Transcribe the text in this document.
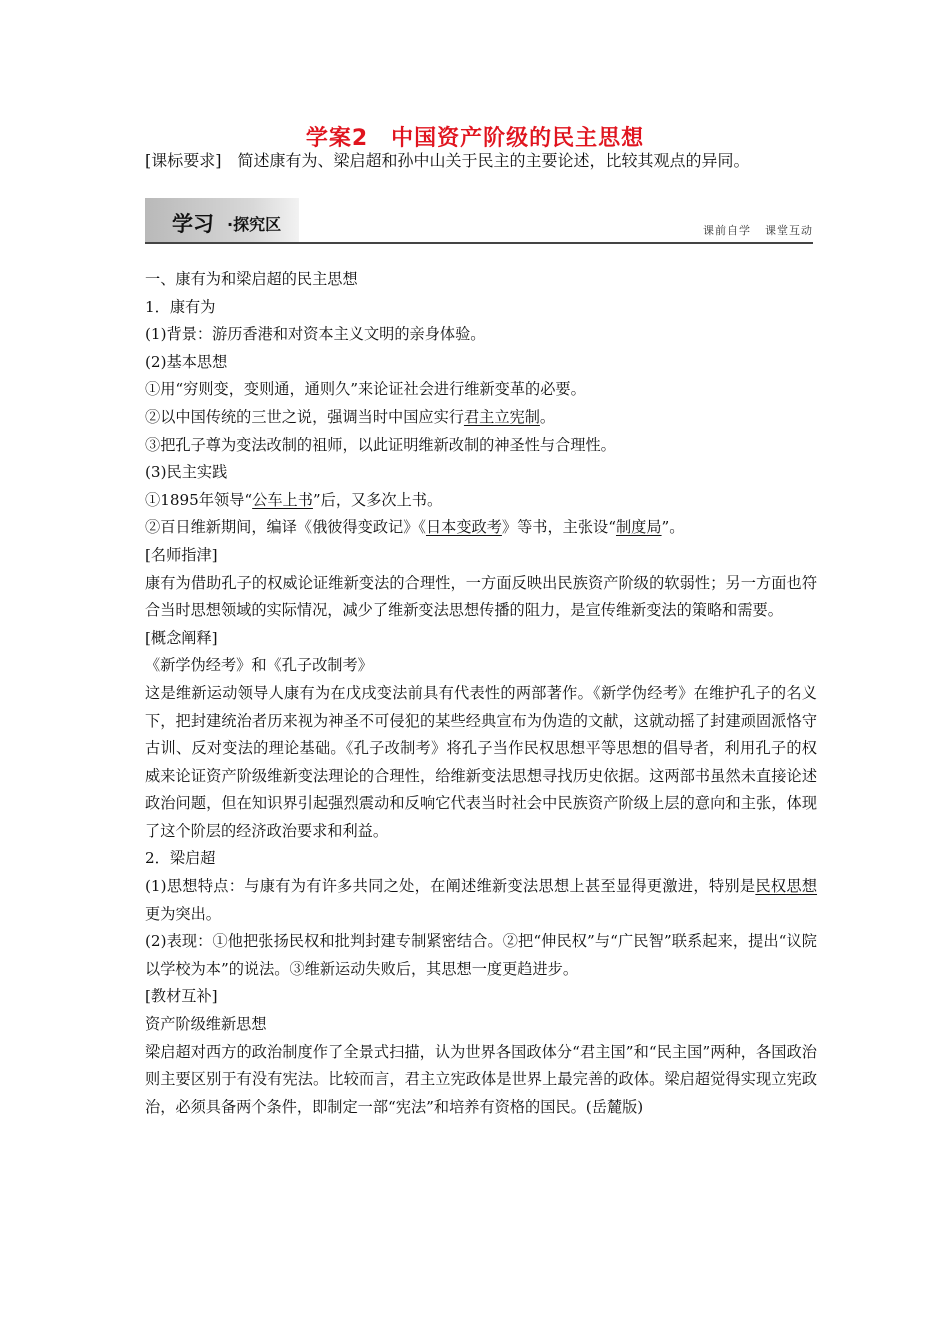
学案2　中国资产阶级的民主思想
[课标要求] 简述康有为、梁启超和孙中山关于民主的主要论述，比较其观点的异同。
学习 ·探究区	课前自学 课堂互动

一、康有为和梁启超的民主思想

1．康有为

(1)背景：游历香港和对资本主义文明的亲身体验。

(2)基本思想

①用“穷则变，变则通，通则久”来论证社会进行维新变革的必要。

②以中国传统的三世之说，强调当时中国应实行君主立宪制。

③把孔子尊为变法改制的祖师，以此证明维新改制的神圣性与合理性。

(3)民主实践

①1895年领导“公车上书”后，又多次上书。

②百日维新期间，编译《俄彼得变政记》《日本变政考》等书，主张设“制度局”。

[名师指津]

康有为借助孔子的权威论证维新变法的合理性，一方面反映出民族资产阶级的软弱性；另一方面也符合当时思想领域的实际情况，减少了维新变法思想传播的阻力，是宣传维新变法的策略和需要。

[概念阐释]

《新学伪经考》和《孔子改制考》

这是维新运动领导人康有为在戊戌变法前具有代表性的两部著作。《新学伪经考》在维护孔子的名义下，把封建统治者历来视为神圣不可侵犯的某些经典宣布为伪造的文献，这就动摇了封建顽固派恪守古训、反对变法的理论基础。《孔子改制考》将孔子当作民权思想平等思想的倡导者，利用孔子的权威来论证资产阶级维新变法理论的合理性，给维新变法思想寻找历史依据。这两部书虽然未直接论述政治问题，但在知识界引起强烈震动和反响它代表当时社会中民族资产阶级上层的意向和主张，体现了这个阶层的经济政治要求和利益。

2．梁启超

(1)思想特点：与康有为有许多共同之处，在阐述维新变法思想上甚至显得更激进，特别是民权思想更为突出。

(2)表现：①他把张扬民权和批判封建专制紧密结合。②把“伸民权”与“广民智”联系起来，提出“议院以学校为本”的说法。③维新运动失败后，其思想一度更趋进步。

[教材互补]

资产阶级维新思想

梁启超对西方的政治制度作了全景式扫描，认为世界各国政体分“君主国”和“民主国”两种，各国政治则主要区别于有没有宪法。比较而言，君主立宪政体是世界上最完善的政体。梁启超觉得实现立宪政治，必须具备两个条件，即制定一部“宪法”和培养有资格的国民。(岳麓版)
